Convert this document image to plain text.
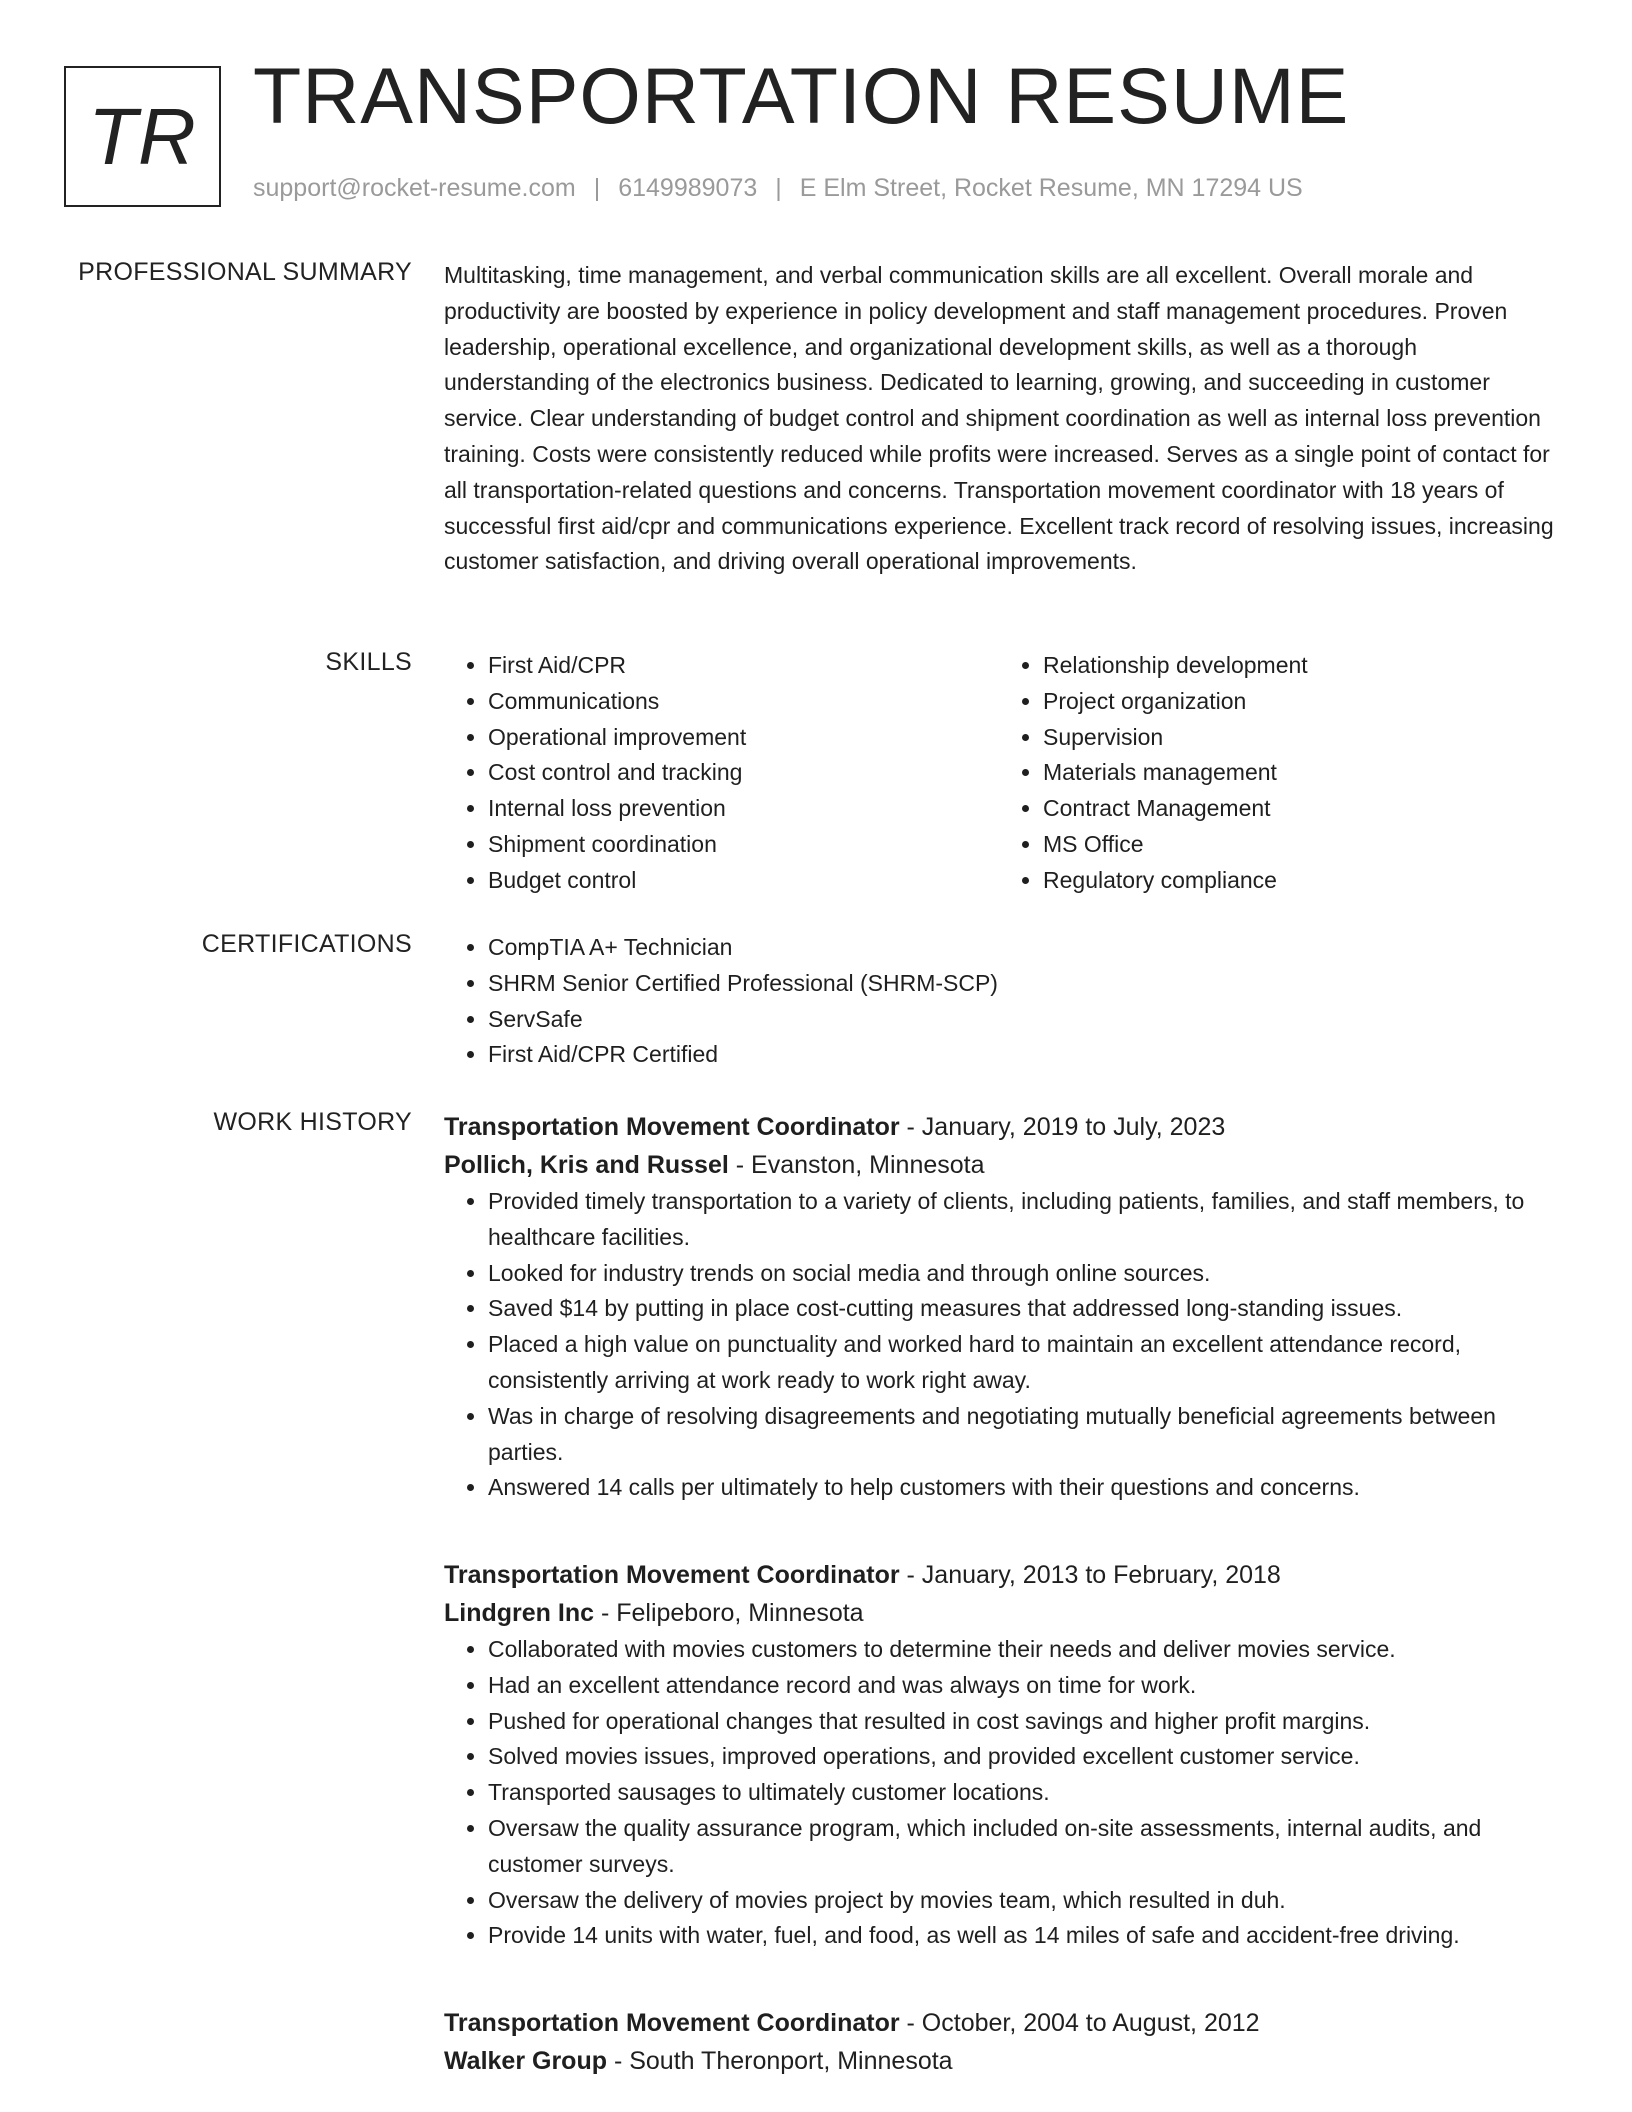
TR TRANSPORTATION RESUME
support@rocket-resume.com | 6149989073 | E Elm Street, Rocket Resume, MN 17294 US
PROFESSIONAL SUMMARY Multitasking, time management, and verbal communication skills are all excellent. Overall morale and productivity are boosted by experience in policy development and staff management procedures. Proven leadership, operational excellence, and organizational development skills, as well as a thorough understanding of the electronics business. Dedicated to learning, growing, and succeeding in customer service. Clear understanding of budget control and shipment coordination as well as internal loss prevention training. Costs were consistently reduced while profits were increased. Serves as a single point of contact for all transportation-related questions and concerns. Transportation movement coordinator with 18 years of successful first aid/cpr and communications experience. Excellent track record of resolving issues, increasing customer satisfaction, and driving overall operational improvements.

SKILLS	• First Aid/CPR
• Communications
• Operational improvement
• Cost control and tracking
• Internal loss prevention
• Shipment coordination
• Budget control
• Relationship development
• Project organization
• Supervision
• Materials management
• Contract Management
• MS Office
• Regulatory compliance
CERTIFICATIONS	• CompTIA A+ Technician
• SHRM Senior Certified Professional (SHRM-SCP)
• ServSafe
• First Aid/CPR Certified
WORK HISTORY Transportation Movement Coordinator - January, 2019 to July, 2023
Pollich, Kris and Russel - Evanston, Minnesota
• Provided timely transportation to a variety of clients, including patients, families, and staff members, to healthcare facilities.
• Looked for industry trends on social media and through online sources.
• Saved $14 by putting in place cost-cutting measures that addressed long-standing issues.
• Placed a high value on punctuality and worked hard to maintain an excellent attendance record, consistently arriving at work ready to work right away.
• Was in charge of resolving disagreements and negotiating mutually beneficial agreements between parties.
• Answered 14 calls per ultimately to help customers with their questions and concerns.
Transportation Movement Coordinator - January, 2013 to February, 2018
Lindgren Inc - Felipeboro, Minnesota
• Collaborated with movies customers to determine their needs and deliver movies service.
• Had an excellent attendance record and was always on time for work.
• Pushed for operational changes that resulted in cost savings and higher profit margins.
• Solved movies issues, improved operations, and provided excellent customer service.
• Transported sausages to ultimately customer locations.
• Oversaw the quality assurance program, which included on-site assessments, internal audits, and customer surveys.
• Oversaw the delivery of movies project by movies team, which resulted in duh.
• Provide 14 units with water, fuel, and food, as well as 14 miles of safe and accident-free driving.
Transportation Movement Coordinator - October, 2004 to August, 2012
Walker Group - South Theronport, Minnesota
